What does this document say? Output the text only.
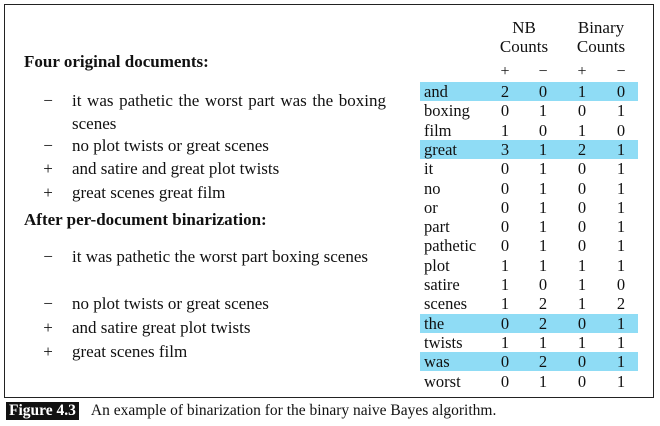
Four original documents:
− it was pathetic the worst part was the boxing scenes
− no plot twists or great scenes
+ and satire and great plot twists
+ great scenes great film
After per-document binarization:
− it was pathetic the worst part boxing scenes
− no plot twists or great scenes
+ and satire great plot twists
+ great scenes film
NB
Counts
Binary
Counts
+	−	+	−
and	2	0	1	0
boxing	0	1	0	1
film	1	0	1	0
great	3	1	2	1
it	0	1	0	1
no	0	1	0	1
or	0	1	0	1
part	0	1	0	1
pathetic	0	1	0	1
plot	1	1	1	1
satire	1	0	1	0
scenes	1	2	1	2
the	0	2	0	1
twists	1	1	1	1
was	0	2	0	1
worst	0	1	0	1
Figure 4.3 An example of binarization for the binary naive Bayes algorithm.
